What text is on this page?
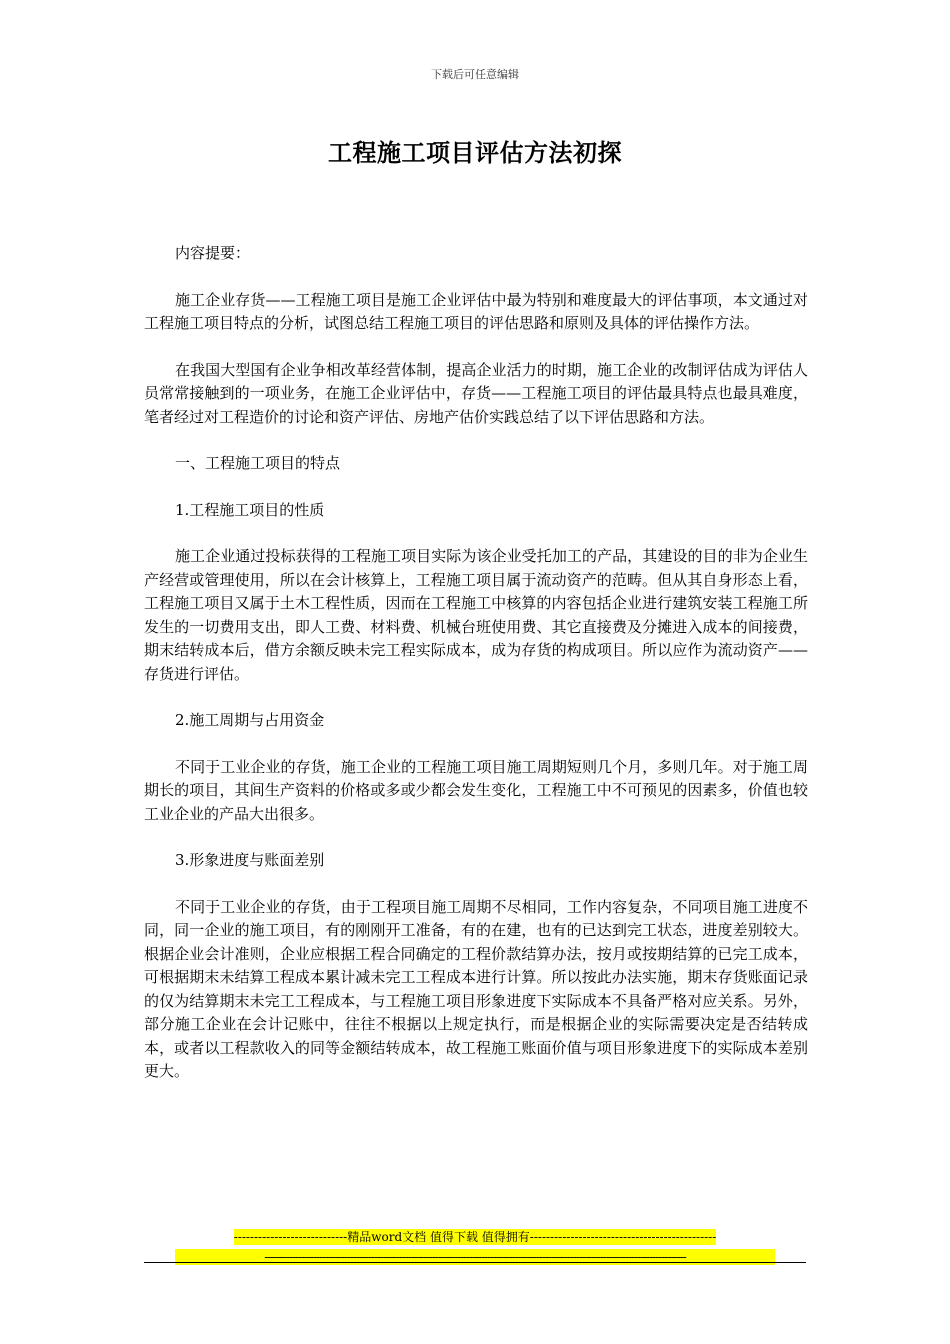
下载后可任意编辑
工程施工项目评估方法初探

内容提要：

施工企业存货——工程施工项目是施工企业评估中最为特别和难度最大的评估事项，本文通过对工程施工项目特点的分析，试图总结工程施工项目的评估思路和原则及具体的评估操作方法。

在我国大型国有企业争相改革经营体制，提高企业活力的时期，施工企业的改制评估成为评估人员常常接触到的一项业务，在施工企业评估中，存货——工程施工项目的评估最具特点也最具难度，笔者经过对工程造价的讨论和资产评估、房地产估价实践总结了以下评估思路和方法。

一、工程施工项目的特点

1.工程施工项目的性质

施工企业通过投标获得的工程施工项目实际为该企业受托加工的产品，其建设的目的非为企业生产经营或管理使用，所以在会计核算上，工程施工项目属于流动资产的范畴。但从其自身形态上看，工程施工项目又属于土木工程性质，因而在工程施工中核算的内容包括企业进行建筑安装工程施工所发生的一切费用支出，即人工费、材料费、机械台班使用费、其它直接费及分摊进入成本的间接费，期末结转成本后，借方余额反映未完工程实际成本，成为存货的构成项目。所以应作为流动资产——存货进行评估。

2.施工周期与占用资金

不同于工业企业的存货，施工企业的工程施工项目施工周期短则几个月，多则几年。对于施工周期长的项目，其间生产资料的价格或多或少都会发生变化，工程施工中不可预见的因素多，价值也较工业企业的产品大出很多。

3.形象进度与账面差别

不同于工业企业的存货，由于工程项目施工周期不尽相同，工作内容复杂，不同项目施工进度不同，同一企业的施工项目，有的刚刚开工准备，有的在建，也有的已达到完工状态，进度差别较大。根据企业会计准则，企业应根据工程合同确定的工程价款结算办法，按月或按期结算的已完工成本，可根据期末未结算工程成本累计减未完工工程成本进行计算。所以按此办法实施，期末存货账面记录的仅为结算期末未完工工程成本，与工程施工项目形象进度下实际成本不具备严格对应关系。另外，部分施工企业在会计记账中，往往不根据以上规定执行，而是根据企业的实际需要决定是否结转成本，或者以工程款收入的同等金额结转成本，故工程施工账面价值与项目形象进度下的实际成本差别更大。

----------------------------精品word文档 值得下载 值得拥有----------------------------------------------
------------------------------------------------------------------------------------------------------------------------------------------
